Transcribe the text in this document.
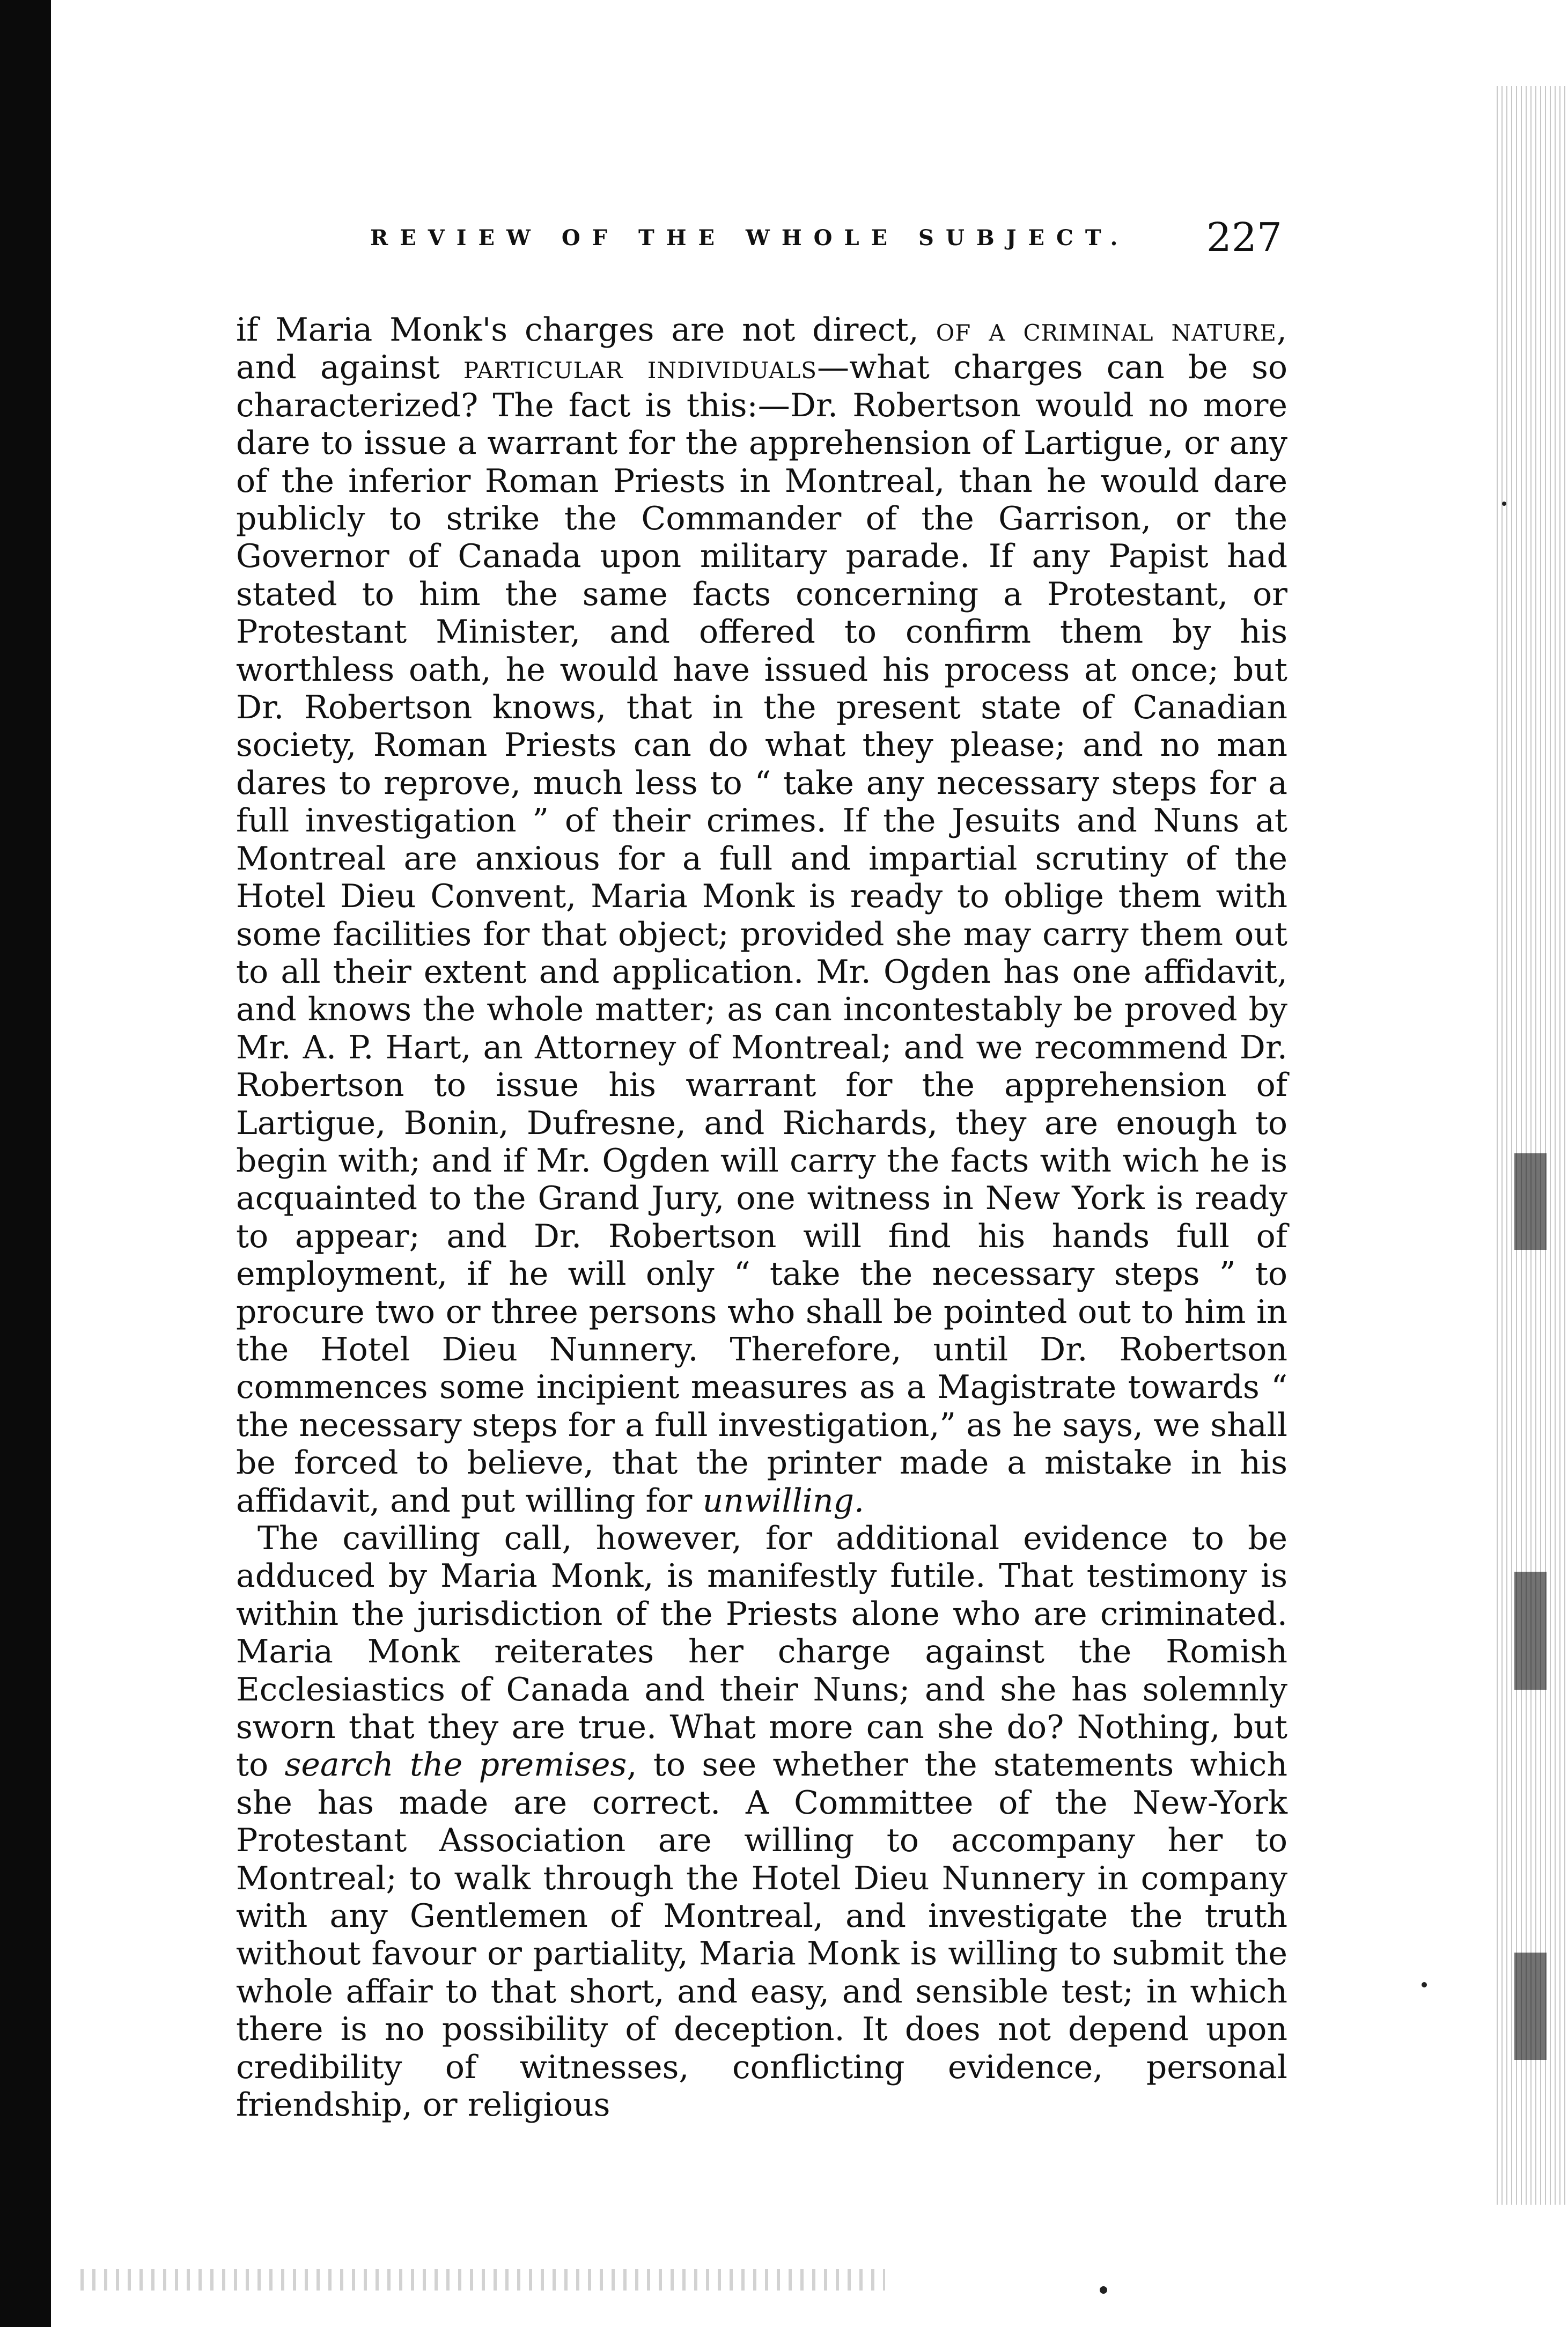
REVIEW OF THE WHOLE SUBJECT. 227

if Maria Monk's charges are not direct, of a criminal nature, and against particular individuals—what charges can be so characterized? The fact is this:—Dr. Robertson would no more dare to issue a warrant for the apprehension of Lartigue, or any of the inferior Roman Priests in Montreal, than he would dare publicly to strike the Commander of the Garrison, or the Governor of Canada upon military parade. If any Papist had stated to him the same facts concerning a Protestant, or Protestant Minister, and offered to confirm them by his worthless oath, he would have issued his process at once; but Dr. Robertson knows, that in the present state of Canadian society, Roman Priests can do what they please; and no man dares to reprove, much less to “ take any necessary steps for a full investigation ” of their crimes. If the Jesuits and Nuns at Montreal are anxious for a full and impartial scrutiny of the Hotel Dieu Convent, Maria Monk is ready to oblige them with some facilities for that object; provided she may carry them out to all their extent and application. Mr. Ogden has one affidavit, and knows the whole matter; as can incontestably be proved by Mr. A. P. Hart, an Attorney of Montreal; and we recommend Dr. Robertson to issue his warrant for the apprehension of Lartigue, Bonin, Dufresne, and Richards, they are enough to begin with; and if Mr. Ogden will carry the facts with wich he is acquainted to the Grand Jury, one witness in New York is ready to appear; and Dr. Robertson will find his hands full of employment, if he will only “ take the necessary steps ” to procure two or three persons who shall be pointed out to him in the Hotel Dieu Nunnery. Therefore, until Dr. Robertson commences some incipient measures as a Magistrate towards “ the necessary steps for a full investigation,” as he says, we shall be forced to believe, that the printer made a mistake in his affidavit, and put willing for unwilling.

The cavilling call, however, for additional evidence to be adduced by Maria Monk, is manifestly futile. That testimony is within the jurisdiction of the Priests alone who are criminated. Maria Monk reiterates her charge against the Romish Ecclesiastics of Canada and their Nuns; and she has solemnly sworn that they are true. What more can she do? Nothing, but to search the premises, to see whether the statements which she has made are correct. A Committee of the New-York Protestant Association are willing to accompany her to Montreal; to walk through the Hotel Dieu Nunnery in company with any Gentlemen of Montreal, and investigate the truth without favour or partiality, Maria Monk is willing to submit the whole affair to that short, and easy, and sensible test; in which there is no possibility of deception. It does not depend upon credibility of witnesses, conflicting evidence, personal friendship, or religious
